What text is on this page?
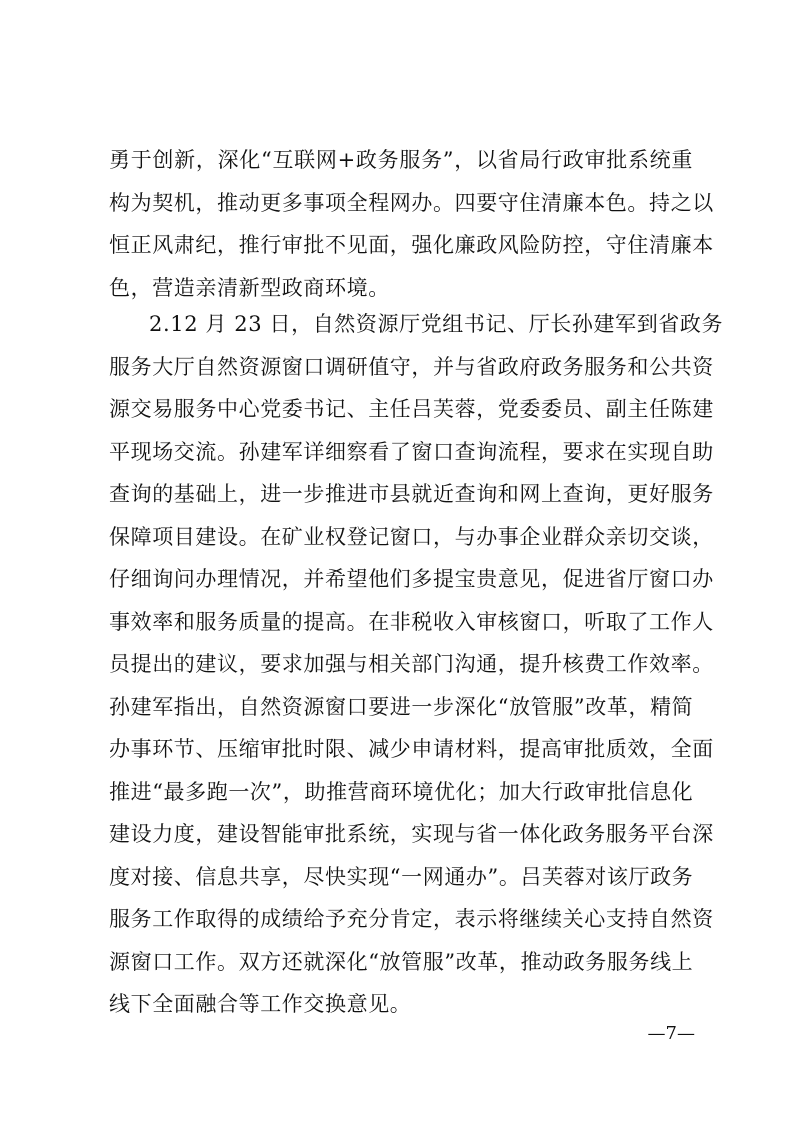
勇于创新，深化“互联网+政务服务”，以省局行政审批系统重
构为契机，推动更多事项全程网办。四要守住清廉本色。持之以
恒正风肃纪，推行审批不见面，强化廉政风险防控，守住清廉本
色，营造亲清新型政商环境。
2.12 月 23 日，自然资源厅党组书记、厅长孙建军到省政务
服务大厅自然资源窗口调研值守，并与省政府政务服务和公共资
源交易服务中心党委书记、主任吕芙蓉，党委委员、副主任陈建
平现场交流。孙建军详细察看了窗口查询流程，要求在实现自助
查询的基础上，进一步推进市县就近查询和网上查询，更好服务
保障项目建设。在矿业权登记窗口，与办事企业群众亲切交谈，
仔细询问办理情况，并希望他们多提宝贵意见，促进省厅窗口办
事效率和服务质量的提高。在非税收入审核窗口，听取了工作人
员提出的建议，要求加强与相关部门沟通，提升核费工作效率。
孙建军指出，自然资源窗口要进一步深化“放管服”改革，精简
办事环节、压缩审批时限、减少申请材料，提高审批质效，全面
推进“最多跑一次”，助推营商环境优化；加大行政审批信息化
建设力度，建设智能审批系统，实现与省一体化政务服务平台深
度对接、信息共享，尽快实现“一网通办”。吕芙蓉对该厅政务
服务工作取得的成绩给予充分肯定，表示将继续关心支持自然资
源窗口工作。双方还就深化“放管服”改革，推动政务服务线上
线下全面融合等工作交换意见。
—7—
